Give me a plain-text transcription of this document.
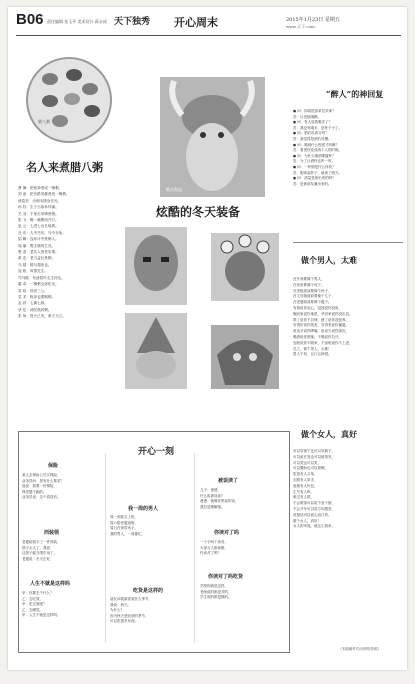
B06 责任编辑 张玉平 美术设计 蒋永成 天下独秀 开心周末	2015年1月23日 星期五
www.天下.com
腊八粥
名人来煮腊八粥
曹 操：把宿莽煮成一锅粥。
刘 备：把各路英雄煮成一锅粥。
诸葛亮：出师未捷身先死。
孙 权：生子当如孙仲谋。
关 羽：千里走单骑煮粥。
张 飞：喝一碗粥再开打。
赵 云：七进七出长坂坡。
吕 布：人中吕布，马中赤兔。
貂 蝉：连环计中煮粥人。
周 瑜：既生瑜何生亮。
鲁 肃：老实人煮老实粥。
黄 忠：老当益壮煮粥。
马 超：锦马超来也。
庞 统：凤雏先生。
司马懿：死诸葛吓走生仲达。
董 卓：一锅粥全部吃光。
袁 绍：四世三公。
袁 术：称帝也要喝粥。
孟 获：七擒七纵。
华 佗：神医熬药粥。
张 角：苍天已死，黄天当立。
维京海盗
炫酷的冬天装备
“醉人”的神回复
● 问：如何提高单位效率？
答：让老板喝醉。
● 问：有人说我喝多了？
答：我没有喝多，是杯子小了。
● 问：酒后吐真言吗？
答：我觉得是酒后吐槽。
● 问：喝到什么程度才叫醉？
答：看见你变成两个人的时候。
● 问：为什么喝酒要碰杯？
答：为了让酒杯也听一听。
● 问：一杯倒是什么体验？
答：刚拿起杯子，就到了明天。
● 问：酒量是练出来的吗？
答：是被朋友灌出来的。
做个男人，太难
在外面要像个男人，
在家里要像个孩子，
在老板面前要像个孙子，
在丈母娘面前要像个儿子，
在老婆面前要像个傻子。
有钱说你花心，没钱说你没用，
晚回家说你鬼混，早回家说你没出息，
胖了说你不自律，瘦了说你没营养，
穿得好说你臭美，穿得差说你邋遢，
说话多说你啰嗦，说话少说你深沉，
喝酒说你酒鬼，不喝说你扫兴，
加班说你不顾家，不加班说你不上进，
总之，做个男人，太难！
男人不易，且行且珍惜。
做个女人，真好
可以穿裙子也可以穿裤子，
可以留长发也可以留短发，
可以哭也可以笑，
可以撒娇也可以耍赖，
吃饭有人买单，
走路有人牵手，
逛街有人拎包，
生气有人哄，
难过有人陪，
不会做饭可以说不爱下厨，
不会开车可以说方向感差，
说错话可以说心直口快，
做个女人，真好！
女人的幸福，就这么简单。
（本版稿件均为网络资源）
开心一刻
保险
某人去保险公司买保险，
业务员问：您有什么要求？
他说：我要一份保险，
保老婆不跑的。
业务员说：这个真没有。
西装领
老婆给我买了一件西装，
领子太大了，我说：
这领子能当围巾用了。
老婆说：冬天正好。
人生不就是这样吗
甲：你要去干什么？
乙：去吃饭。
甲：吃完饭呢？
乙：去睡觉。
甲：人生不就是这样吗。
我一周的男人
周一到周五上班，
周六陪老婆逛街，
周日在家带孩子，
我的男人，一周都忙。
吃货是这样的
朋友问我最喜欢什么季节，
我说：秋天。
为什么？
因为秋天是收获的季节，
可以吃很多东西。
被误读了
儿子：爸爸，
什么叫被误读？
爸爸：就像你妈说的话，
我总是理解错。
你读对了吗
一个字两个读音，
大部分人都读错，
你读对了吗？
你读对了吗吃货
学校的就是这样，
老师说的都是对的，
学生说的都是错的。
